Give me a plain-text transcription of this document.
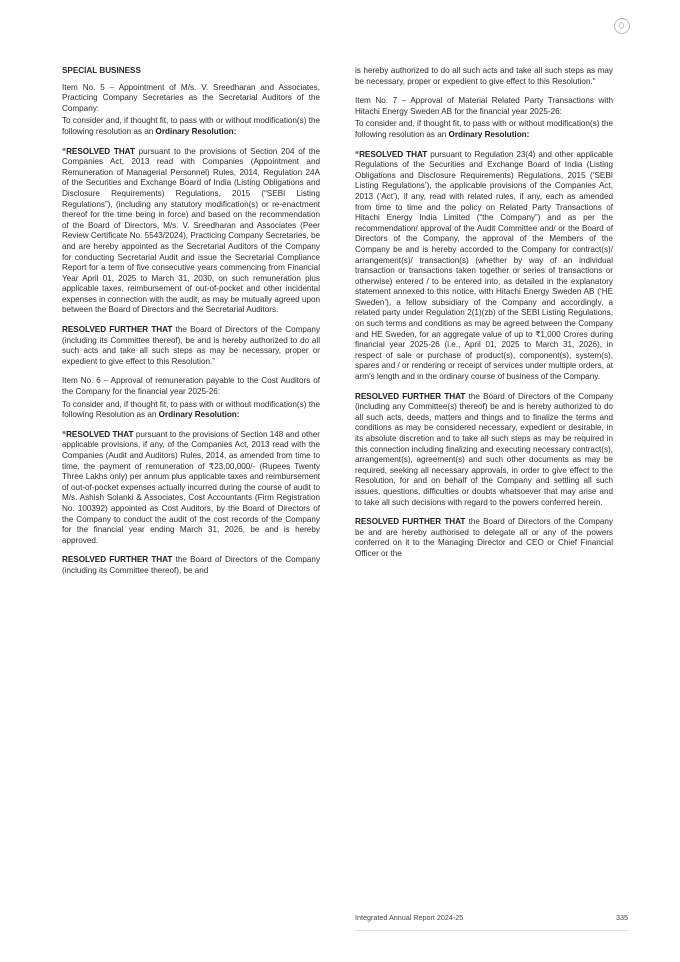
SPECIAL BUSINESS

Item No. 5 – Appointment of M/s. V. Sreedharan and Associates, Practicing Company Secretaries as the Secretarial Auditors of the Company:

To consider and, if thought fit, to pass with or without modification(s) the following resolution as an Ordinary Resolution:

“RESOLVED THAT pursuant to the provisions of Section 204 of the Companies Act, 2013 read with Companies (Appointment and Remuneration of Managerial Personnel) Rules, 2014, Regulation 24A of the Securities and Exchange Board of India (Listing Obligations and Disclosure Requirements) Regulations, 2015 (“SEBI Listing Regulations”), (including any statutory modification(s) or re-enactment thereof for the time being in force) and based on the recommendation of the Board of Directors, M/s. V. Sreedharan and Associates (Peer Review Certificate No. 5543/2024), Practicing Company Secretaries, be and are hereby appointed as the Secretarial Auditors of the Company for conducting Secretarial Audit and issue the Secretarial Compliance Report for a term of five consecutive years commencing from Financial Year April 01, 2025 to March 31, 2030, on such remuneration plus applicable taxes, reimbursement of out-of-pocket and other incidental expenses in connection with the audit, as may be mutually agreed upon between the Board of Directors and the Secretarial Auditors.

RESOLVED FURTHER THAT the Board of Directors of the Company (including its Committee thereof), be and is hereby authorized to do all such acts and take all such steps as may be necessary, proper or expedient to give effect to this Resolution.”

Item No. 6 – Approval of remuneration payable to the Cost Auditors of the Company for the financial year 2025-26:

To consider and, if thought fit, to pass with or without modification(s) the following Resolution as an Ordinary Resolution:

“RESOLVED THAT pursuant to the provisions of Section 148 and other applicable provisions, if any, of the Companies Act, 2013 read with the Companies (Audit and Auditors) Rules, 2014, as amended from time to time, the payment of remuneration of ₹23,00,000/- (Rupees Twenty Three Lakhs only) per annum plus applicable taxes and reimbursement of out-of-pocket expenses actually incurred during the course of audit to M/s. Ashish Solanki & Associates, Cost Accountants (Firm Registration No. 100392) appointed as Cost Auditors, by the Board of Directors of the Company to conduct the audit of the cost records of the Company for the financial year ending March 31, 2026, be and is hereby approved.

RESOLVED FURTHER THAT the Board of Directors of the Company (including its Committee thereof), be and

is hereby authorized to do all such acts and take all such steps as may be necessary, proper or expedient to give effect to this Resolution.”

Item No. 7 – Approval of Material Related Party Transactions with Hitachi Energy Sweden AB for the financial year 2025-26:

To consider and, if thought fit, to pass with or without modification(s) the following resolution as an Ordinary Resolution:

“RESOLVED THAT pursuant to Regulation 23(4) and other applicable Regulations of the Securities and Exchange Board of India (Listing Obligations and Disclosure Requirements) Regulations, 2015 (‘SEBI Listing Regulations’), the applicable provisions of the Companies Act, 2013 (‘Act’), if any, read with related rules, if any, each as amended from time to time and the policy on Related Party Transactions of Hitachi Energy India Limited (“the Company”) and as per the recommendation/ approval of the Audit Committee and/ or the Board of Directors of the Company, the approval of the Members of the Company be and is hereby accorded to the Company for contract(s)/ arrangement(s)/ transaction(s) (whether by way of an individual transaction or transactions taken together or series of transactions or otherwise) entered / to be entered into, as detailed in the explanatory statement annexed to this notice, with Hitachi Energy Sweden AB (‘HE Sweden’), a fellow subsidiary of the Company and accordingly, a related party under Regulation 2(1)(zb) of the SEBI Listing Regulations, on such terms and conditions as may be agreed between the Company and HE Sweden, for an aggregate value of up to ₹1,000 Crores during financial year 2025-26 (i.e., April 01, 2025 to March 31, 2026), in respect of sale or purchase of product(s), component(s), system(s), spares and / or rendering or receipt of services under multiple orders, at arm’s length and in the ordinary course of business of the Company.

RESOLVED FURTHER THAT the Board of Directors of the Company (including any Committee(s) thereof) be and is hereby authorized to do all such acts, deeds, matters and things and to finalize the terms and conditions as may be considered necessary, expedient or desirable, in its absolute discretion and to take all such steps as may be required in this connection including finalizing and executing necessary contract(s), arrangement(s), agreement(s) and such other documents as may be required, seeking all necessary approvals, in order to give effect to the Resolution, for and on behalf of the Company and settling all such issues, questions, difficulties or doubts whatsoever that may arise and to take all such decisions with regard to the powers conferred herein.

RESOLVED FURTHER THAT the Board of Directors of the Company be and are hereby authorised to delegate all or any of the powers conferred on it to the Managing Director and CEO or Chief Financial Officer or the

Integrated Annual Report 2024-25	335
